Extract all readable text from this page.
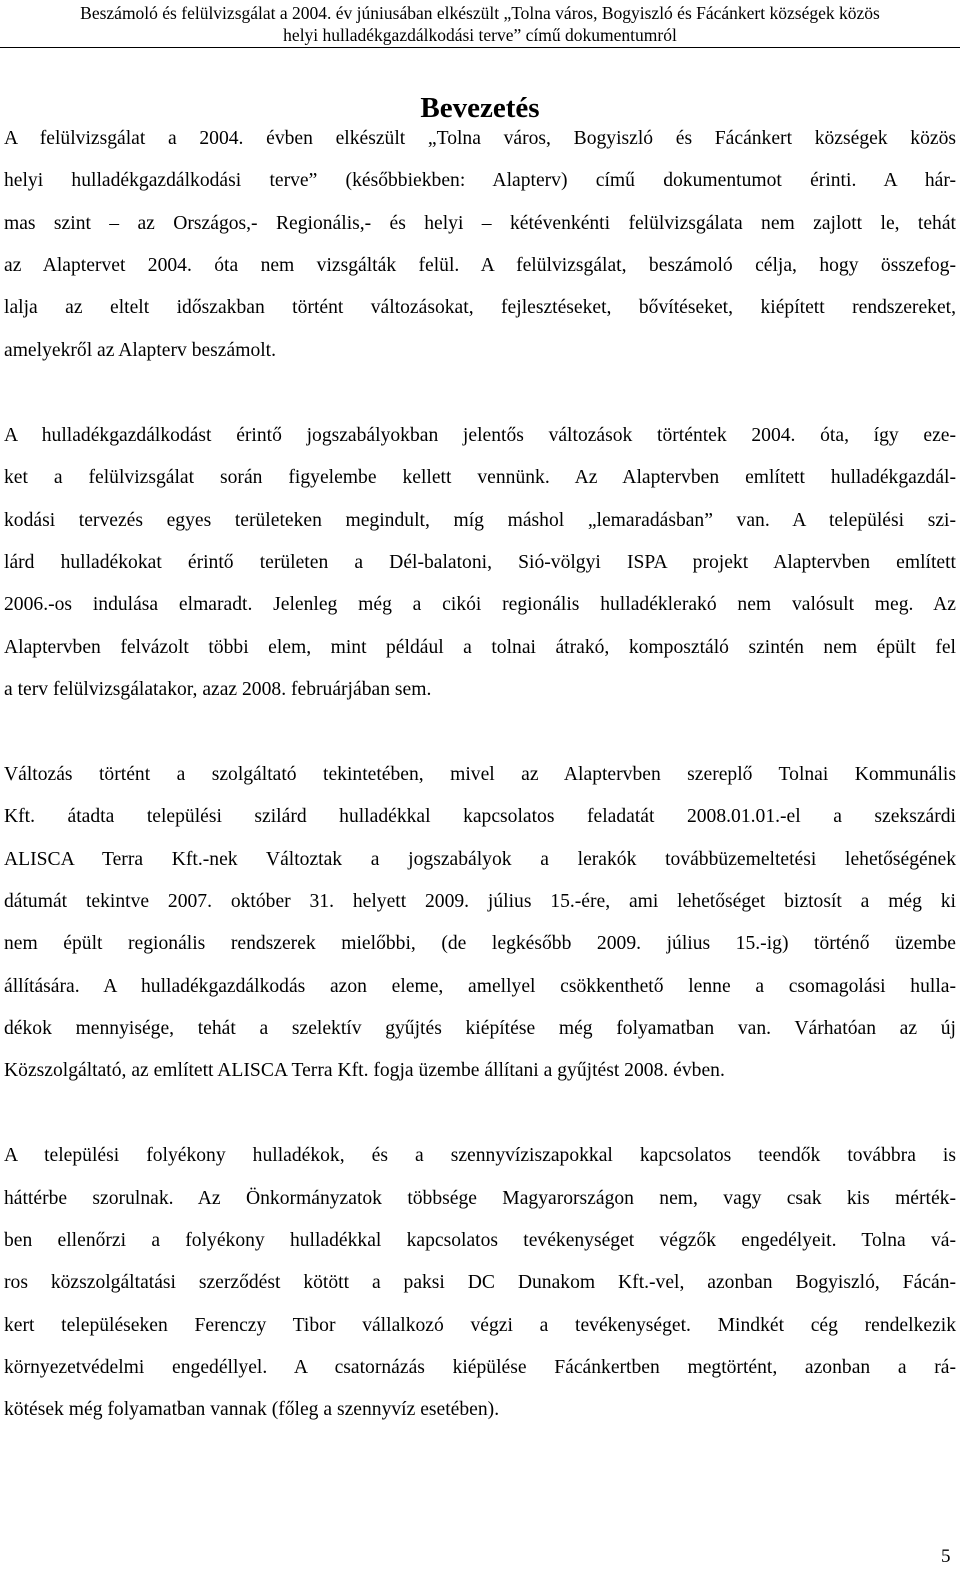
Beszámoló és felülvizsgálat a 2004. év júniusában elkészült „Tolna város, Bogyiszló és Fácánkert községek közös
helyi hulladékgazdálkodási terve” című dokumentumról
Bevezetés
A felülvizsgálat a 2004. évben elkészült „Tolna város, Bogyiszló és Fácánkert községek közös
helyi hulladékgazdálkodási terve” (későbbiekben: Alapterv) című dokumentumot érinti. A hár-
mas szint – az Országos,- Regionális,- és helyi – kétévenkénti felülvizsgálata nem zajlott le, tehát
az Alaptervet 2004. óta nem vizsgálták felül. A felülvizsgálat, beszámoló célja, hogy összefog-
lalja az eltelt időszakban történt változásokat, fejlesztéseket, bővítéseket, kiépített rendszereket,
amelyekről az Alapterv beszámolt.
A hulladékgazdálkodást érintő jogszabályokban jelentős változások történtek 2004. óta, így eze-
ket a felülvizsgálat során figyelembe kellett vennünk. Az Alaptervben említett hulladékgazdál-
kodási tervezés egyes területeken megindult, míg máshol „lemaradásban” van. A települési szi-
lárd hulladékokat érintő területen a Dél-balatoni, Sió-völgyi ISPA projekt Alaptervben említett
2006.-os indulása elmaradt. Jelenleg még a cikói regionális hulladéklerakó nem valósult meg. Az
Alaptervben felvázolt többi elem, mint például a tolnai átrakó, komposztáló szintén nem épült fel
a terv felülvizsgálatakor, azaz 2008. februárjában sem.
Változás történt a szolgáltató tekintetében, mivel az Alaptervben szereplő Tolnai Kommunális
Kft. átadta települési szilárd hulladékkal kapcsolatos feladatát 2008.01.01.-el a szekszárdi
ALISCA Terra Kft.-nek Változtak a jogszabályok a lerakók továbbüzemeltetési lehetőségének
dátumát tekintve 2007. október 31. helyett 2009. július 15.-ére, ami lehetőséget biztosít a még ki
nem épült regionális rendszerek mielőbbi, (de legkésőbb 2009. július 15.-ig) történő üzembe
állítására. A hulladékgazdálkodás azon eleme, amellyel csökkenthető lenne a csomagolási hulla-
dékok mennyisége, tehát a szelektív gyűjtés kiépítése még folyamatban van. Várhatóan az új
Közszolgáltató, az említett ALISCA Terra Kft. fogja üzembe állítani a gyűjtést 2008. évben.
A települési folyékony hulladékok, és a szennyvíziszapokkal kapcsolatos teendők továbbra is
háttérbe szorulnak. Az Önkormányzatok többsége Magyarországon nem, vagy csak kis mérték-
ben ellenőrzi a folyékony hulladékkal kapcsolatos tevékenységet végzők engedélyeit. Tolna vá-
ros közszolgáltatási szerződést kötött a paksi DC Dunakom Kft.-vel, azonban Bogyiszló, Fácán-
kert településeken Ferenczy Tibor vállalkozó végzi a tevékenységet. Mindkét cég rendelkezik
környezetvédelmi engedéllyel. A csatornázás kiépülése Fácánkertben megtörtént, azonban a rá-
kötések még folyamatban vannak (főleg a szennyvíz esetében).
5
